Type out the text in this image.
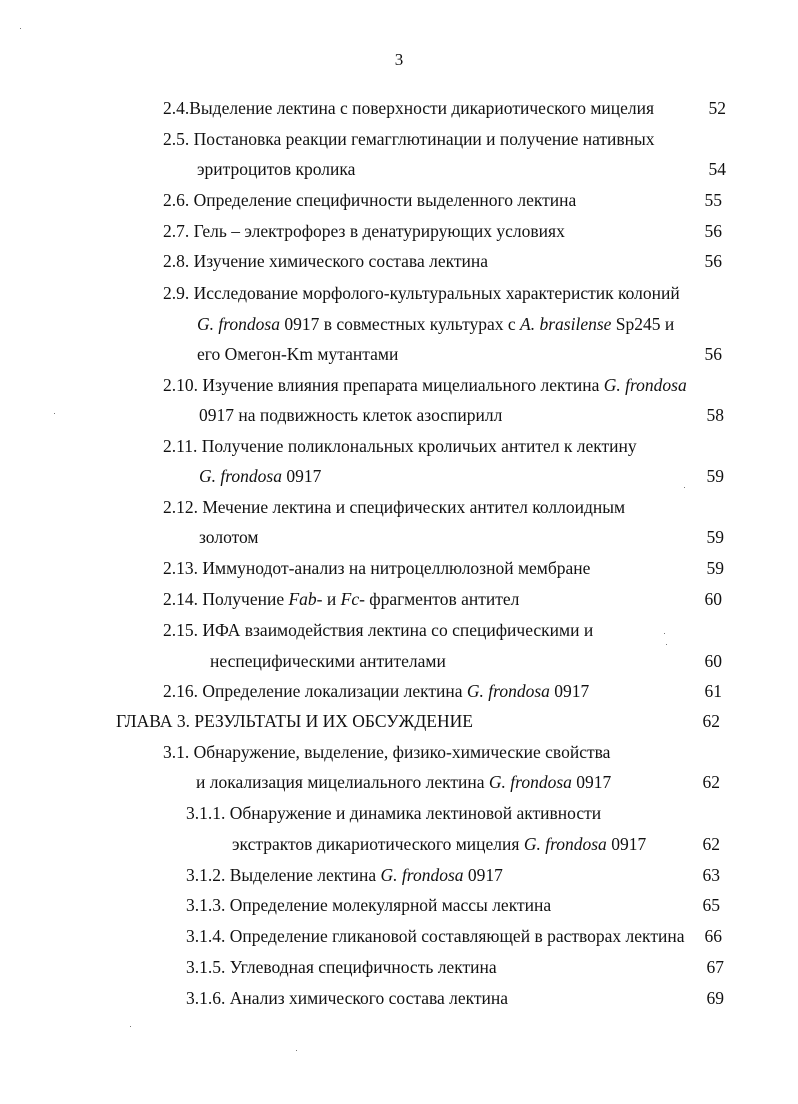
3
2.4.Выделение лектина с поверхности дикариотического мицелия	52
2.5. Постановка реакции гемагглютинации и получение нативных
эритроцитов кролика	54
2.6. Определение специфичности выделенного лектина	55
2.7. Гель – электрофорез в денатурирующих условиях	56
2.8. Изучение химического состава лектина	56
2.9. Исследование морфолого-культуральных характеристик колоний
G. frondosa 0917 в совместных культурах с A. brasilense Sp245 и
его Омегон-Km мутантами	56
2.10. Изучение влияния препарата мицелиального лектина G. frondosa
0917 на подвижность клеток азоспирилл	58
2.11. Получение поликлональных кроличьих антител к лектину
G. frondosa 0917	59
2.12. Мечение лектина и специфических антител коллоидным
золотом	59
2.13. Иммунодот-анализ на нитроцеллюлозной мембране	59
2.14. Получение Fab- и Fc- фрагментов антител	60
2.15. ИФА взаимодействия лектина со специфическими и
неспецифическими антителами	60
2.16. Определение локализации лектина G. frondosa 0917	61
ГЛАВА 3. РЕЗУЛЬТАТЫ И ИХ ОБСУЖДЕНИЕ	62
3.1. Обнаружение, выделение, физико-химические свойства
и локализация мицелиального лектина G. frondosa 0917	62
3.1.1. Обнаружение и динамика лектиновой активности
экстрактов дикариотического мицелия G. frondosa 0917	62
3.1.2. Выделение лектина G. frondosa 0917	63
3.1.3. Определение молекулярной массы лектина	65
3.1.4. Определение гликановой составляющей в растворах лектина	66
3.1.5. Углеводная специфичность лектина	67
3.1.6. Анализ химического состава лектина	69
